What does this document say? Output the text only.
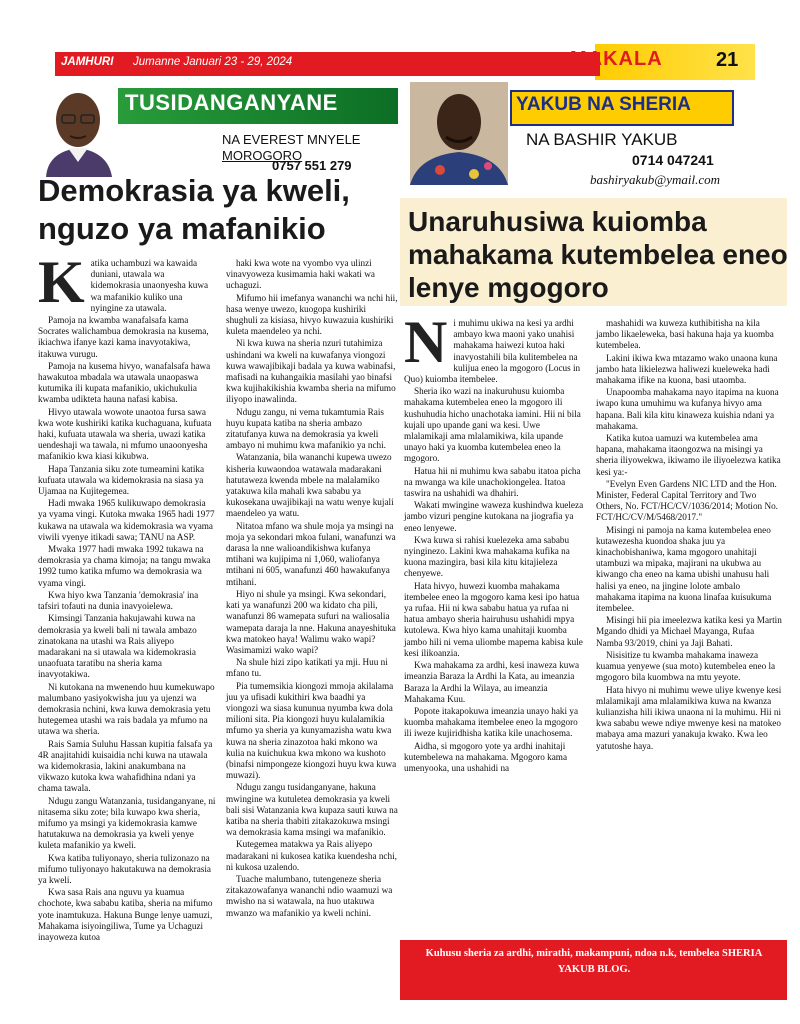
JAMHURI Jumanne Januari 23 - 29, 2024	MAKALA	21
TUSIDANGANYANE
NA EVEREST MNYELE
MOROGORO
0757 551 279
Demokrasia ya kweli, nguzo ya mafanikio
K atika uchambuzi wa kawaida duniani, utawala wa kidemokrasia unaonyesha kuwa wa mafanikio kuliko una nyingine za utawala.

Pamoja na kwamba wanafalsafa kama Socrates walichambua demokrasia na kusema, ikiachwa ifanye kazi kama inavyotakiwa, itakuwa vurugu.

Pamoja na kusema hivyo, wanafalsafa hawa hawakutoa mbadala wa utawala unaopaswa kutumika ili kupata mafanikio, ukichukulia kwamba udikteta hauna nafasi kabisa.

Hivyo utawala wowote unaotoa fursa sawa kwa wote kushiriki katika kuchaguana, kufuata haki, kufuata utawala wa sheria, uwazi katika uendeshaji wa tawala, ni mfumo unaoonyesha mafanikio kwa kiasi kikubwa.

Hapa Tanzania siku zote tumeamini katika kufuata utawala wa kidemokrasia na siasa ya Ujamaa na Kujitegemea.

Hadi mwaka 1965 kulikuwapo demokrasia ya vyama vingi. Kutoka mwaka 1965 hadi 1977 kukawa na utawala wa kidemokrasia wa vyama viwili vyenye itikadi sawa; TANU na ASP.

Mwaka 1977 hadi mwaka 1992 tukawa na demokrasia ya chama kimoja; na tangu mwaka 1992 tumo katika mfumo wa demokrasia wa vyama vingi.

Kwa hiyo kwa Tanzania 'demokrasia' ina tafsiri tofauti na dunia inavyoielewa.

Kimsingi Tanzania hakujawahi kuwa na demokrasia ya kweli bali ni tawala ambazo zinatokana na utashi wa Rais aliyepo madarakani na si utawala wa kidemokrasia unaofuata taratibu na sheria kama inavyotakiwa.

Ni kutokana na mwenendo huu kumekuwapo malumbano yasiyokwisha juu ya ujenzi wa demokrasia nchini, kwa kuwa demokrasia yetu hutegemea utashi wa rais badala ya mfumo na utawa wa sheria.

Rais Samia Suluhu Hassan kupitia falsafa ya 4R anajitahidi kuisaidia nchi kuwa na utawala wa kidemokrasia, lakini anakumbana na vikwazo kutoka kwa wahafidhina ndani ya chama tawala.

Ndugu zangu Watanzania, tusidanganyane, ni nitasema siku zote; bila kuwapo kwa sheria, mifumo ya msingi ya kidemokrasia kamwe hatutakuwa na demokrasia ya kweli yenye kuleta mafanikio ya kweli.

Kwa katiba tuliyonayo, sheria tulizonazo na mifumo tuliyonayo hakutakuwa na demokrasia ya kweli.

Kwa sasa Rais ana nguvu ya kuamua chochote, kwa sababu katiba, sheria na mifumo yote inamtukuza. Hakuna Bunge lenye uamuzi, Mahakama isiyoingiliwa, Tume ya Uchaguzi inayoweza kutoa

haki kwa wote na vyombo vya ulinzi vinavyoweza kusimamia haki wakati wa uchaguzi.

Mifumo hii imefanya wananchi wa nchi hii, hasa wenye uwezo, kuogopa kushiriki shughuli za kisiasa, hivyo kuwazuia kushiriki kuleta maendeleo ya nchi.

Ni kwa kuwa na sheria nzuri tutahimiza ushindani wa kweli na kuwafanya viongozi kuwa wawajibikaji badala ya kuwa wabinafsi, mafisadi na kuhangaikia masilahi yao binafsi kwa kujihakikishia kwamba sheria na mifumo iliyopo inawalinda.

Ndugu zangu, ni vema tukamtumia Rais huyu kupata katiba na sheria ambazo zitatufanya kuwa na demokrasia ya kweli ambayo ni muhimu kwa mafanikio ya nchi.

Watanzania, bila wananchi kupewa uwezo kisheria kuwaondoa watawala madarakani hatutaweza kwenda mbele na malalamiko yatakuwa kila mahali kwa sababu ya kukosekana uwajibikaji na watu wenye kujali maendeleo ya watu.

Nitatoa mfano wa shule moja ya msingi na moja ya sekondari mkoa fulani, wanafunzi wa darasa la nne walioandikishwa kufanya mtihani wa kujipima ni 1,060, waliofanya mtihani ni 605, wanafunzi 460 hawakufanya mtihani.

Hiyo ni shule ya msingi. Kwa sekondari, kati ya wanafunzi 200 wa kidato cha pili, wanafunzi 86 wamepata sufuri na waliosalia wamepata daraja la nne. Hakuna anayeshituka kwa matokeo haya! Walimu wako wapi? Wasimamizi wako wapi?

Na shule hizi zipo katikati ya mji. Huu ni mfano tu.

Pia tumemsikia kiongozi mmoja akilalama juu ya ufisadi kukithiri kwa baadhi ya viongozi wa siasa kununua nyumba kwa dola milioni sita. Pia kiongozi huyu kulalamikia mfumo ya sheria ya kunyamazisha watu kwa kuwa na sheria zinazotoa haki mkono wa kulia na kuichukua kwa mkono wa kushoto (binafsi nimpongeze kiongozi huyu kwa kuwa muwazi).

Ndugu zangu tusidanganyane, hakuna mwingine wa kutuletea demokrasia ya kweli bali sisi Watanzania kwa kupaza sauti kuwa na katiba na sheria thabiti zitakazokuwa msingi wa demokrasia kama msingi wa mafanikio.

Kutegemea matakwa ya Rais aliyepo madarakani ni kukosea katika kuendesha nchi, ni kukosa uzalendo.

Tuache malumbano, tutengeneze sheria zitakazowafanya wananchi ndio waamuzi wa mwisho na si watawala, na huo utakuwa mwanzo wa mafanikio ya kweli nchini.

YAKUB NA SHERIA
NA BASHIR YAKUB
0714 047241
bashiryakub@ymail.com
Unaruhusiwa kuiomba mahakama kutembelea eneo lenye mgogoro
N i muhimu ukiwa na kesi ya ardhi ambayo kwa maoni yako unahisi mahakama haiwezi kutoa haki inavyostahili bila kulitembelea na kulijua eneo la mgogoro (Locus in Quo) kuiomba itembelee.

Sheria iko wazi na inakuruhusu kuiomba mahakama kutembelea eneo la mgogoro ili kushuhudia hicho unachotaka iamini. Hii ni bila kujali upo upande gani wa kesi. Uwe mlalamikaji ama mlalamikiwa, kila upande unayo haki ya kuomba kutembelea eneo la mgogoro.

Hatua hii ni muhimu kwa sababu itatoa picha na mwanga wa kile unachokiongelea. Itatoa taswira na ushahidi wa dhahiri.

Wakati mwingine waweza kushindwa kueleza jambo vizuri pengine kutokana na jiografia ya eneo lenyewe.

Kwa kuwa si rahisi kuelezeka ama sababu nyinginezo. Lakini kwa mahakama kufika na kuona mazingira, basi kila kitu kitajieleza chenyewe.

Hata hivyo, huwezi kuomba mahakama itembelee eneo la mgogoro kama kesi ipo hatua ya rufaa. Hii ni kwa sababu hatua ya rufaa ni hatua ambayo sheria hairuhusu ushahidi mpya kutolewa. Kwa hiyo kama unahitaji kuomba jambo hili ni vema uliombe mapema kabisa kule kesi ilikoanzia.

Kwa mahakama za ardhi, kesi inaweza kuwa imeanzia Baraza la Ardhi la Kata, au imeanzia Baraza la Ardhi la Wilaya, au imeanzia Mahakama Kuu.

Popote itakapokuwa imeanzia unayo haki ya kuomba mahakama itembelee eneo la mgogoro ili iweze kujiridhisha katika kile unachosema.

Aidha, si mgogoro yote ya ardhi inahitaji kutembelewa na mahakama. Mgogoro kama umenyooka, una ushahidi na

mashahidi wa kuweza kuthibitisha na kila jambo likaeleweka, basi hakuna haja ya kuomba kutembelea.

Lakini ikiwa kwa mtazamo wako unaona kuna jambo hata likielezwa haliwezi kueleweka hadi mahakama ifike na kuona, basi utaomba.

Unapoomba mahakama nayo itapima na kuona iwapo kuna umuhimu wa kufanya hivyo ama hapana. Bali kila kitu kinaweza kuishia ndani ya mahakama.

Katika kutoa uamuzi wa kutembelea ama hapana, mahakama itaongozwa na misingi ya sheria iliyowekwa, ikiwamo ile iliyoelezwa katika kesi ya:-

"Evelyn Even Gardens NIC LTD and the Hon. Minister, Federal Capital Territory and Two Others, No. FCT/HC/CV/1036/2014; Motion No. FCT/HC/CV/M/5468/2017."

Misingi ni pamoja na kama kutembelea eneo kutawezesha kuondoa shaka juu ya kinachobishaniwa, kama mgogoro unahitaji utambuzi wa mipaka, majirani na ukubwa au kiwango cha eneo na kama ubishi unahusu hali halisi ya eneo, na jingine lolote ambalo mahakama itapima na kuona linafaa kuisukuma itembelee.

Misingi hii pia imeelezwa katika kesi ya Martin Mgando dhidi ya Michael Mayanga, Rufaa Namba 93/2019, chini ya Jaji Bahati.

Nisisitize tu kwamba mahakama inaweza kuamua yenyewe (sua moto) kutembelea eneo la mgogoro bila kuombwa na mtu yeyote.

Hata hivyo ni muhimu wewe uliye kwenye kesi mlalamikaji ama mlalamikiwa kuwa na kwanza kulianzisha hili ikiwa unaona ni la muhimu. Hii ni kwa sababu wewe ndiye mwenye kesi na matokeo mabaya ama mazuri yanakuja kwako. Kwa leo yatutoshe haya.

Kuhusu sheria za ardhi, mirathi, makampuni, ndoa n.k, tembelea SHERIA YAKUB BLOG.
